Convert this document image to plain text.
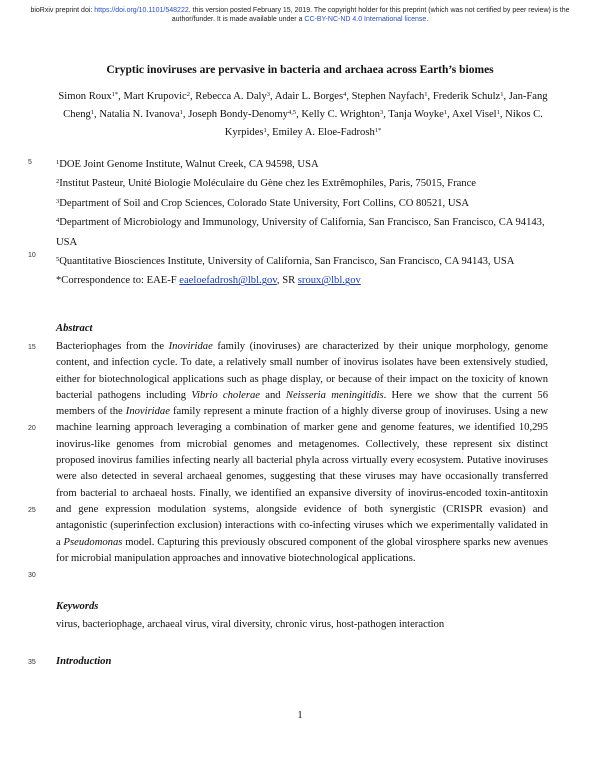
bioRxiv preprint doi: https://doi.org/10.1101/548222. this version posted February 15, 2019. The copyright holder for this preprint (which was not certified by peer review) is the author/funder. It is made available under a CC-BY-NC-ND 4.0 International license.
Cryptic inoviruses are pervasive in bacteria and archaea across Earth’s biomes
Simon Roux$^{1*}$, Mart Krupovic$^2$, Rebecca A. Daly$^3$, Adair L. Borges$^4$, Stephen Nayfach$^1$, Frederik Schulz$^1$, Jan-Fang Cheng$^1$, Natalia N. Ivanova$^1$, Joseph Bondy-Denomy$^{4,5}$, Kelly C. Wrighton$^3$, Tanja Woyke$^1$, Axel Visel$^1$, Nikos C. Kyrpides$^1$, Emiley A. Eloe-Fadrosh$^{1*}$
5
10
15
20
25
30
35

$^1$DOE Joint Genome Institute, Walnut Creek, CA 94598, USA

$^2$Institut Pasteur, Unité Biologie Moléculaire du Gène chez les Extrêmophiles, Paris, 75015, France

$^3$Department of Soil and Crop Sciences, Colorado State University, Fort Collins, CO 80521, USA

$^4$Department of Microbiology and Immunology, University of California, San Francisco, San Francisco, CA 94143, USA

$^5$Quantitative Biosciences Institute, University of California, San Francisco, San Francisco, CA 94143, USA

*Correspondence to: EAE-F eaeloefadrosh@lbl.gov, SR sroux@lbl.gov

Abstract

Bacteriophages from the Inoviridae family (inoviruses) are characterized by their unique morphology, genome content, and infection cycle. To date, a relatively small number of inovirus isolates have been extensively studied, either for biotechnological applications such as phage display, or because of their impact on the toxicity of known bacterial pathogens including Vibrio cholerae and Neisseria meningitidis. Here we show that the current 56 members of the Inoviridae family represent a minute fraction of a highly diverse group of inoviruses. Using a new machine learning approach leveraging a combination of marker gene and genome features, we identified 10,295 inovirus-like genomes from microbial genomes and metagenomes. Collectively, these represent six distinct proposed inovirus families infecting nearly all bacterial phyla across virtually every ecosystem. Putative inoviruses were also detected in several archaeal genomes, suggesting that these viruses may have occasionally transferred from bacterial to archaeal hosts. Finally, we identified an expansive diversity of inovirus-encoded toxin-antitoxin and gene expression modulation systems, alongside evidence of both synergistic (CRISPR evasion) and antagonistic (superinfection exclusion) interactions with co-infecting viruses which we experimentally validated in a Pseudomonas model. Capturing this previously obscured component of the global virosphere sparks new avenues for microbial manipulation approaches and innovative biotechnological applications.

Keywords
virus, bacteriophage, archaeal virus, viral diversity, chronic virus, host-pathogen interaction
Introduction
1
